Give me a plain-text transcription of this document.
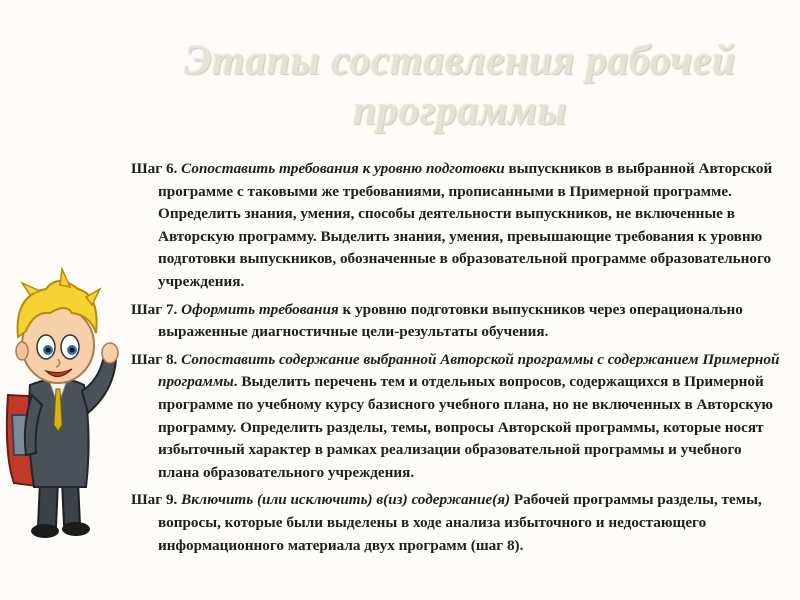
Этапы составления рабочей
программы

Шаг 6. Сопоставить требования к уровню подготовки выпускников в выбранной Авторской программе с таковыми же требованиями, прописанными в Примерной программе. Определить знания, умения, способы деятельности выпускников, не включенные в Авторскую программу. Выделить знания, умения, превышающие требования к уровню подготовки выпускников, обозначенные в образовательной программе образовательного учреждения.

Шаг 7. Оформить требования к уровню подготовки выпускников через операционально выраженные диагностичные цели-результаты обучения.

Шаг 8. Сопоставить содержание выбранной Авторской программы с содержанием Примерной программы. Выделить перечень тем и отдельных вопросов, содержащихся в Примерной программе по учебному курсу базисного учебного плана, но не включенных в Авторскую программу. Определить разделы, темы, вопросы Авторской программы, которые носят избыточный характер в рамках реализации образовательной программы и учебного плана образовательного учреждения.

Шаг 9. Включить (или исключить) в(из) содержание(я) Рабочей программы разделы, темы, вопросы, которые были выделены в ходе анализа избыточного и недостающего информационного материала двух программ (шаг 8).
